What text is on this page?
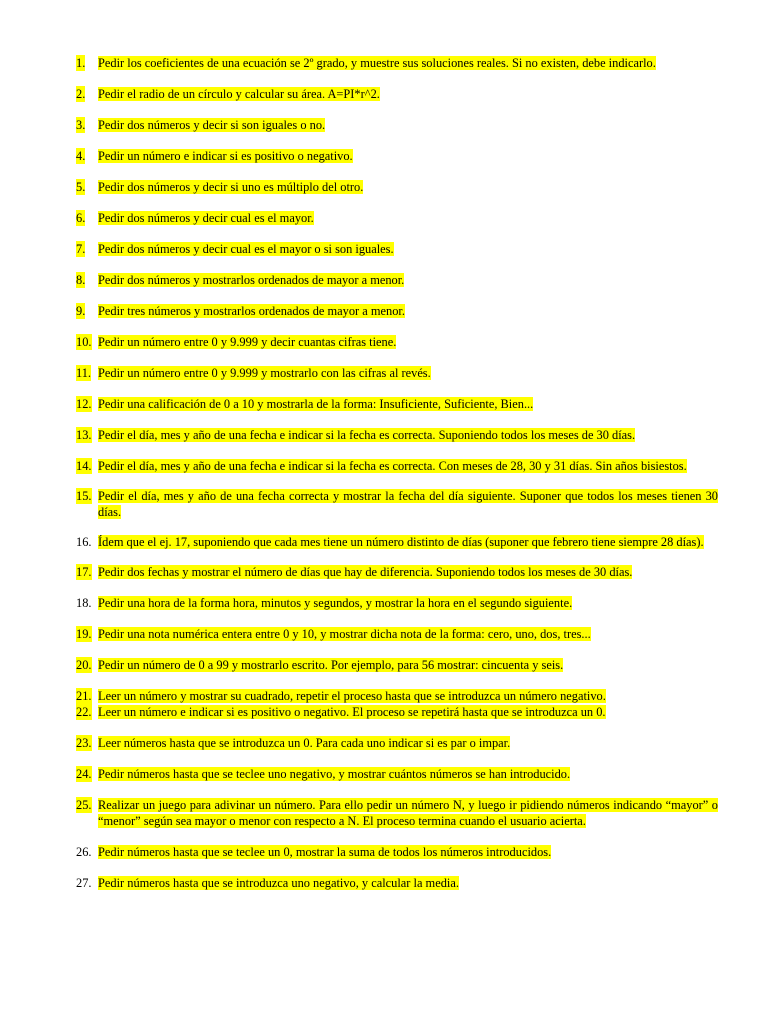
1. Pedir los coeficientes de una ecuación se 2º grado, y muestre sus soluciones reales. Si no existen, debe indicarlo.
2. Pedir el radio de un círculo y calcular su área. A=PI*r^2.
3. Pedir dos números y decir si son iguales o no.
4. Pedir un número e indicar si es positivo o negativo.
5. Pedir dos números y decir si uno es múltiplo del otro.
6. Pedir dos números y decir cual es el mayor.
7. Pedir dos números y decir cual es el mayor o si son iguales.
8. Pedir dos números y mostrarlos ordenados de mayor a menor.
9. Pedir tres números y mostrarlos ordenados de mayor a menor.
10. Pedir un número entre 0 y 9.999 y decir cuantas cifras tiene.
11. Pedir un número entre 0 y 9.999 y mostrarlo con las cifras al revés.
12. Pedir una calificación de 0 a 10 y mostrarla de la forma: Insuficiente, Suficiente, Bien...
13. Pedir el día, mes y año de una fecha e indicar si la fecha es correcta. Suponiendo todos los meses de 30 días.
14. Pedir el día, mes y año de una fecha e indicar si la fecha es correcta. Con meses de 28, 30 y 31 días. Sin años bisiestos.
15. Pedir el día, mes y año de una fecha correcta y mostrar la fecha del día siguiente. Suponer que todos los meses tienen 30 días.
16. Ídem que el ej. 17, suponiendo que cada mes tiene un número distinto de días (suponer que febrero tiene siempre 28 días).
17. Pedir dos fechas y mostrar el número de días que hay de diferencia. Suponiendo todos los meses de 30 días.
18. Pedir una hora de la forma hora, minutos y segundos, y mostrar la hora en el segundo siguiente.
19. Pedir una nota numérica entera entre 0 y 10, y mostrar dicha nota de la forma: cero, uno, dos, tres...
20. Pedir un número de 0 a 99 y mostrarlo escrito. Por ejemplo, para 56 mostrar: cincuenta y seis.
21. Leer un número y mostrar su cuadrado, repetir el proceso hasta que se introduzca un número negativo.
22. Leer un número e indicar si es positivo o negativo. El proceso se repetirá hasta que se introduzca un 0.
23. Leer números hasta que se introduzca un 0. Para cada uno indicar si es par o impar.
24. Pedir números hasta que se teclee uno negativo, y mostrar cuántos números se han introducido.
25. Realizar un juego para adivinar un número. Para ello pedir un número N, y luego ir pidiendo números indicando “mayor” o “menor” según sea mayor o menor con respecto a N. El proceso termina cuando el usuario acierta.
26. Pedir números hasta que se teclee un 0, mostrar la suma de todos los números introducidos.
27. Pedir números hasta que se introduzca uno negativo, y calcular la media.
